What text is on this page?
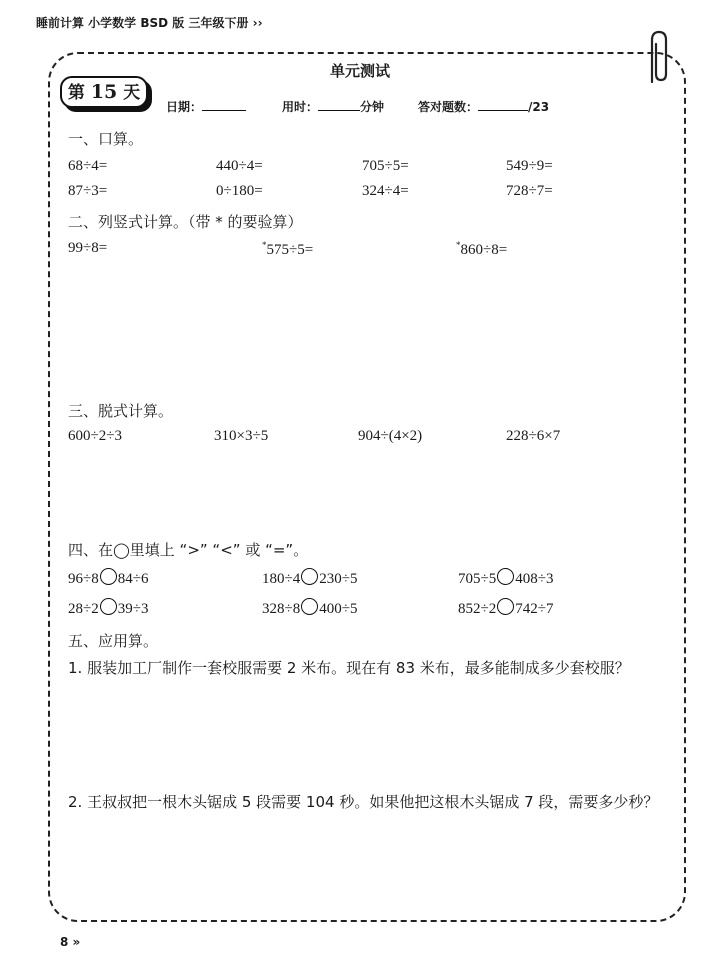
睡前计算 小学数学 BSD 版 三年级下册 ››
单元测试
第 15 天
日期：	用时：	分钟	答对题数：	/23
一、口算。
68÷4=	440÷4=	705÷5=	549÷9=
87÷3=	0÷180=	324÷4=	728÷7=
二、列竖式计算。（带 * 的要验算）
99÷8=	*575÷5=	*860÷8=
三、脱式计算。
600÷2÷3	310×3÷5	904÷(4×2)	228÷6×7
四、在◯里填上 “>” “<” 或 “=”。
96÷8 84÷6	180÷4 230÷5	705÷5 408÷3
28÷2 39÷3	328÷8 400÷5	852÷2 742÷7
五、应用算。
1. 服装加工厂制作一套校服需要 2 米布。现在有 83 米布，最多能制成多少套校服？
2. 王叔叔把一根木头锯成 5 段需要 104 秒。如果他把这根木头锯成 7 段，需要多少秒？
8 »
